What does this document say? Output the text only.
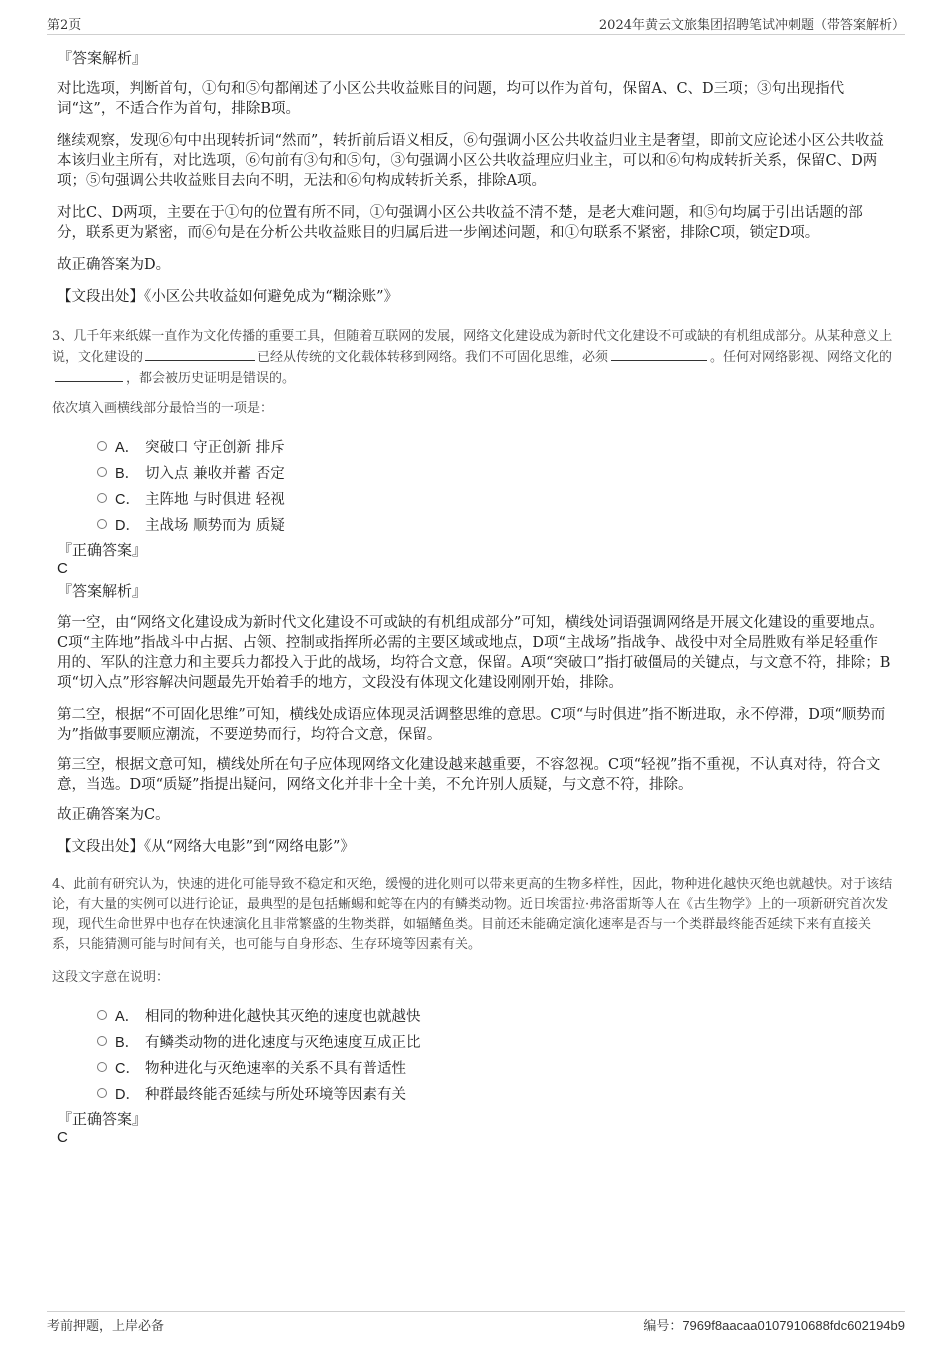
第2页	2024年黄云文旅集团招聘笔试冲刺题（带答案解析）
『答案解析』

对比选项，判断首句，①句和⑤句都阐述了小区公共收益账目的问题，均可以作为首句，保留A、C、D三项；③句出现指代词“这”，不适合作为首句，排除B项。

继续观察，发现⑥句中出现转折词“然而”，转折前后语义相反，⑥句强调小区公共收益归业主是奢望，即前文应论述小区公共收益本该归业主所有，对比选项，⑥句前有③句和⑤句，③句强调小区公共收益理应归业主，可以和⑥句构成转折关系，保留C、D两项；⑤句强调公共收益账目去向不明，无法和⑥句构成转折关系，排除A项。

对比C、D两项，主要在于①句的位置有所不同，①句强调小区公共收益不清不楚，是老大难问题，和⑤句均属于引出话题的部分，联系更为紧密，而⑥句是在分析公共收益账目的归属后进一步阐述问题，和①句联系不紧密，排除C项，锁定D项。

故正确答案为D。

【文段出处】《小区公共收益如何避免成为“糊涂账”》

3、几千年来纸媒一直作为文化传播的重要工具，但随着互联网的发展，网络文化建设成为新时代文化建设不可或缺的有机组成部分。从某种意义上说，文化建设的	已经从传统的文化载体转移到网络。我们不可固化思维，必须	。任何对网络影视、网络文化的，都会被历史证明是错误的。

依次填入画横线部分最恰当的一项是：
A． 突破口 守正创新 排斥
B． 切入点 兼收并蓄 否定
C． 主阵地 与时俱进 轻视
D． 主战场 顺势而为 质疑
『正确答案』
C
『答案解析』

第一空，由“网络文化建设成为新时代文化建设不可或缺的有机组成部分”可知，横线处词语强调网络是开展文化建设的重要地点。C项“主阵地”指战斗中占据、占领、控制或指挥所必需的主要区域或地点，D项“主战场”指战争、战役中对全局胜败有举足轻重作用的、军队的注意力和主要兵力都投入于此的战场，均符合文意，保留。A项“突破口”指打破僵局的关键点，与文意不符，排除；B项“切入点”形容解决问题最先开始着手的地方，文段没有体现文化建设刚刚开始，排除。

第二空，根据“不可固化思维”可知，横线处成语应体现灵活调整思维的意思。C项“与时俱进”指不断进取，永不停滞，D项“顺势而为”指做事要顺应潮流，不要逆势而行，均符合文意，保留。

第三空，根据文意可知，横线处所在句子应体现网络文化建设越来越重要，不容忽视。C项“轻视”指不重视，不认真对待，符合文意，当选。D项“质疑”指提出疑问，网络文化并非十全十美，不允许别人质疑，与文意不符，排除。

故正确答案为C。

【文段出处】《从“网络大电影”到“网络电影”》

4、此前有研究认为，快速的进化可能导致不稳定和灭绝，缓慢的进化则可以带来更高的生物多样性，因此，物种进化越快灭绝也就越快。对于该结论，有大量的实例可以进行论证，最典型的是包括蜥蜴和蛇等在内的有鳞类动物。近日埃雷拉·弗洛雷斯等人在《古生物学》上的一项新研究首次发现，现代生命世界中也存在快速演化且非常繁盛的生物类群，如辐鳍鱼类。目前还未能确定演化速率是否与一个类群最终能否延续下来有直接关系，只能猜测可能与时间有关，也可能与自身形态、生存环境等因素有关。

这段文字意在说明：
A． 相同的物种进化越快其灭绝的速度也就越快
B． 有鳞类动物的进化速度与灭绝速度互成正比
C． 物种进化与灭绝速率的关系不具有普适性
D． 种群最终能否延续与所处环境等因素有关
『正确答案』
C
考前押题，上岸必备	编号：7969f8aacaa0107910688fdc602194b9
